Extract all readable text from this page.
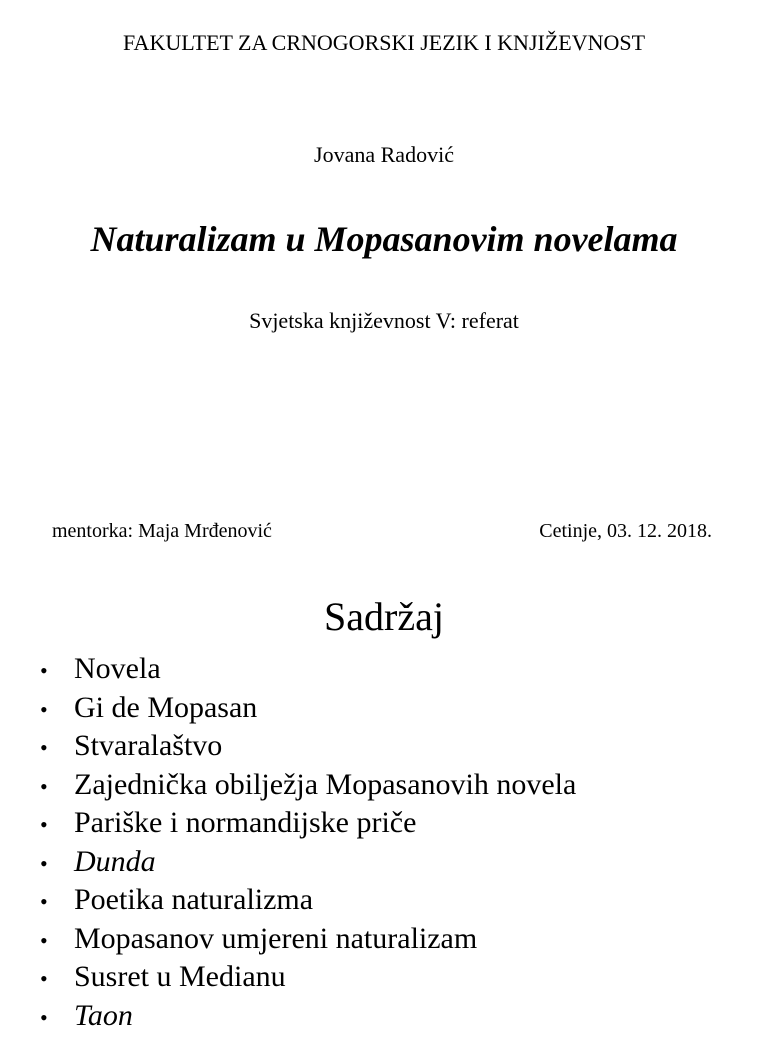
FAKULTET ZA CRNOGORSKI JEZIK I KNJIŽEVNOST
Jovana Radović
Naturalizam u Mopasanovim novelama
Svjetska književnost V: referat
mentorka: Maja Mrđenović	Cetinje, 03. 12. 2018.
Sadržaj
• Novela
• Gi de Mopasan
• Stvaralaštvo
• Zajednička obilježja Mopasanovih novela
• Pariške i normandijske priče
• Dunda
• Poetika naturalizma
• Mopasanov umjereni naturalizam
• Susret u Medianu
• Taon
